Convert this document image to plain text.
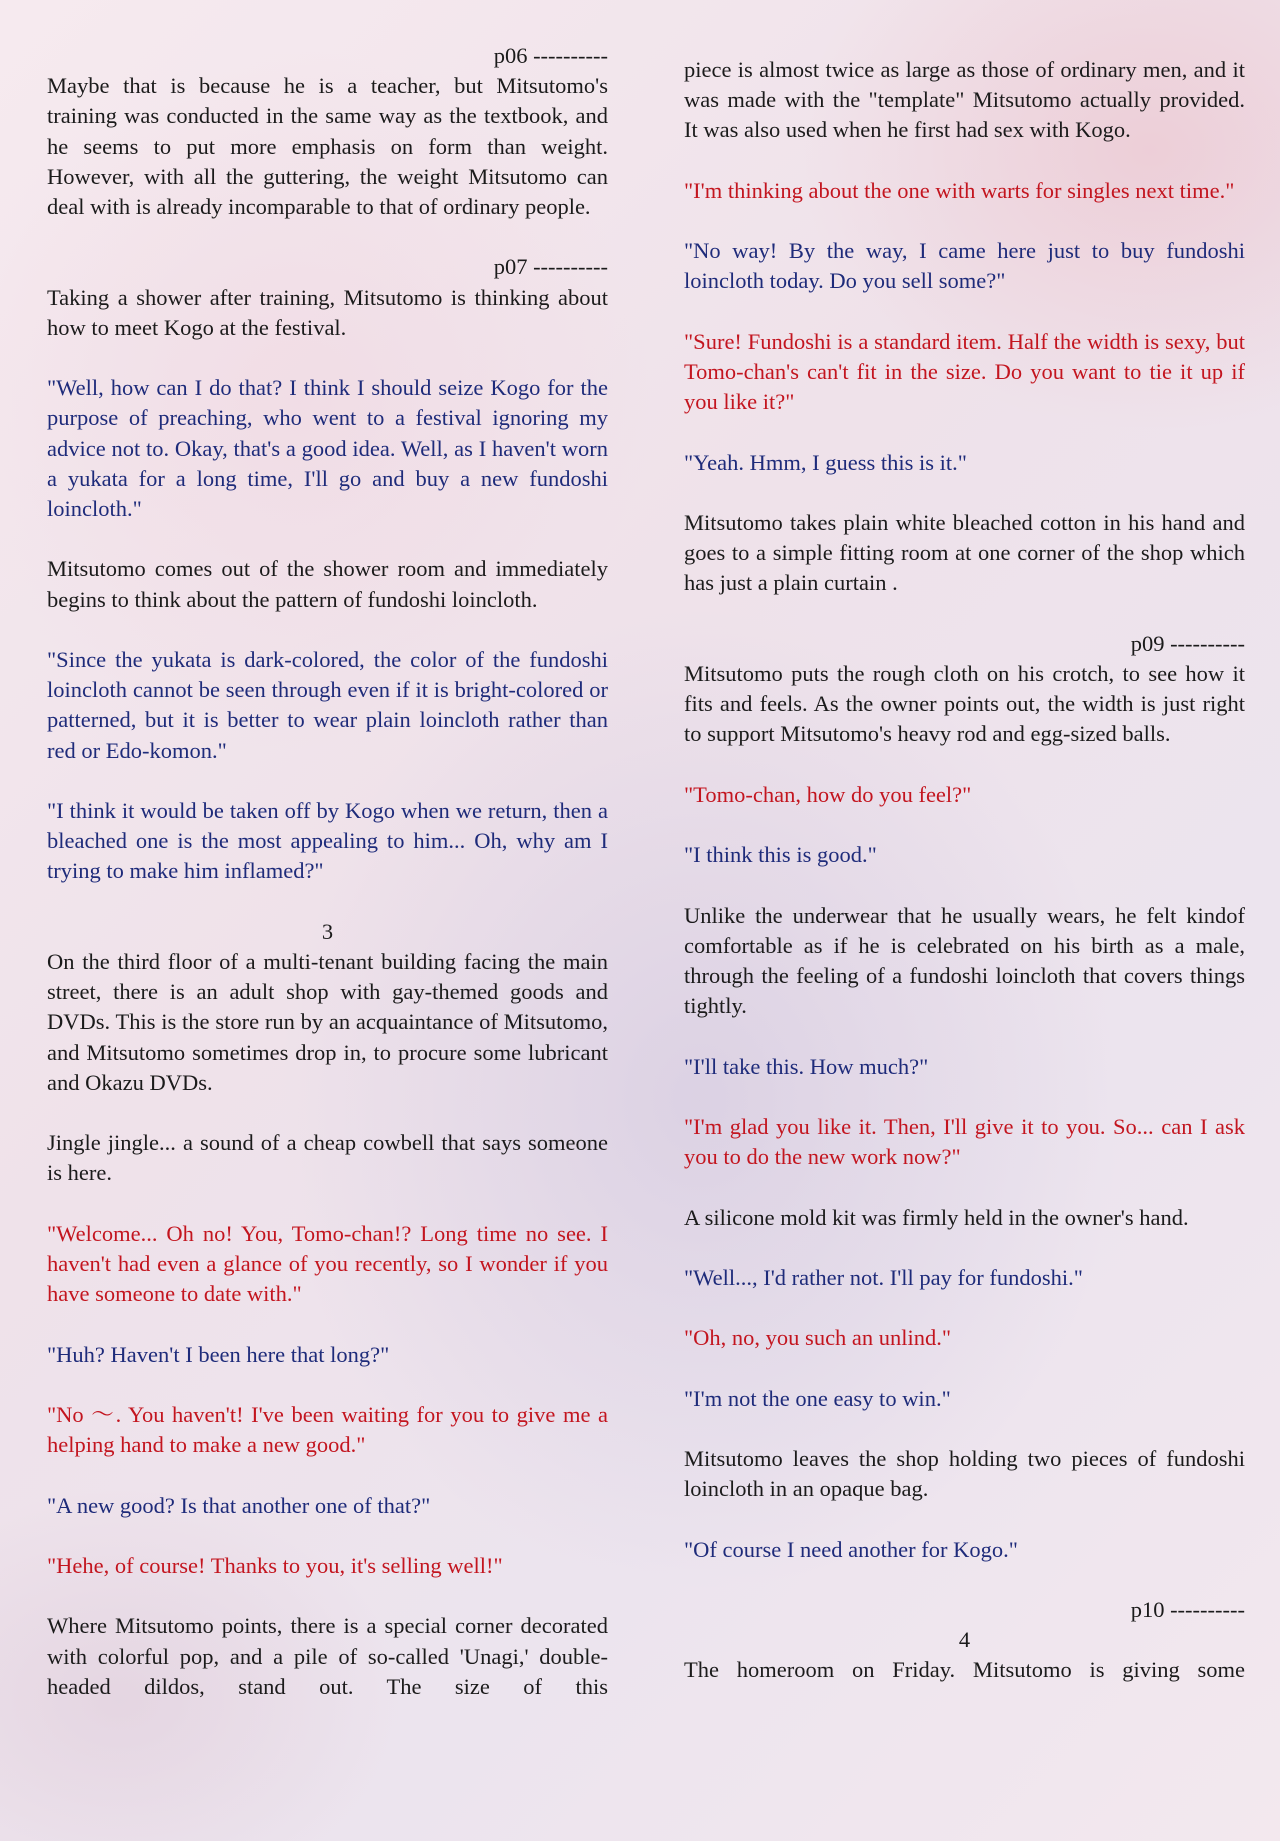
p06 ----------

Maybe that is because he is a teacher, but Mitsutomo's training was conducted in the same way as the textbook, and he seems to put more emphasis on form than weight. However, with all the guttering, the weight Mitsutomo can deal with is already incomparable to that of ordinary people.

p07 ----------

Taking a shower after training, Mitsutomo is thinking about how to meet Kogo at the festival.

"Well, how can I do that? I think I should seize Kogo for the purpose of preaching, who went to a festival ignoring my advice not to. Okay, that's a good idea. Well, as I haven't worn a yukata for a long time, I'll go and buy a new fundoshi loincloth."

Mitsutomo comes out of the shower room and immediately begins to think about the pattern of fundoshi loincloth.

"Since the yukata is dark-colored, the color of the fundoshi loincloth cannot be seen through even if it is bright-colored or patterned, but it is better to wear plain loincloth rather than red or Edo-komon."

"I think it would be taken off by Kogo when we return, then a bleached one is the most appealing to him... Oh, why am I trying to make him inflamed?"

3

On the third floor of a multi-tenant building facing the main street, there is an adult shop with gay-themed goods and DVDs. This is the store run by an acquaintance of Mitsutomo, and Mitsutomo sometimes drop in, to procure some lubricant and Okazu DVDs.

Jingle jingle... a sound of a cheap cowbell that says someone is here.

"Welcome... Oh no! You, Tomo-chan!? Long time no see. I haven't had even a glance of you recently, so I wonder if you have someone to date with."

"Huh? Haven't I been here that long?"

"No ～. You haven't! I've been waiting for you to give me a helping hand to make a new good."

"A new good? Is that another one of that?"

"Hehe, of course! Thanks to you, it's selling well!"

Where Mitsutomo points, there is a special corner decorated with colorful pop, and a pile of so-called 'Unagi,' double-headed dildos, stand out. The size of this

piece is almost twice as large as those of ordinary men, and it was made with the "template" Mitsutomo actually provided. It was also used when he first had sex with Kogo.

"I'm thinking about the one with warts for singles next time."

"No way! By the way, I came here just to buy fundoshi loincloth today. Do you sell some?"

"Sure! Fundoshi is a standard item. Half the width is sexy, but Tomo-chan's can't fit in the size. Do you want to tie it up if you like it?"

"Yeah. Hmm, I guess this is it."

Mitsutomo takes plain white bleached cotton in his hand and goes to a simple fitting room at one corner of the shop which has just a plain curtain .

p09 ----------

Mitsutomo puts the rough cloth on his crotch, to see how it fits and feels. As the owner points out, the width is just right to support Mitsutomo's heavy rod and egg-sized balls.

"Tomo-chan, how do you feel?"

"I think this is good."

Unlike the underwear that he usually wears, he felt kindof comfortable as if he is celebrated on his birth as a male, through the feeling of a fundoshi loincloth that covers things tightly.

"I'll take this. How much?"

"I'm glad you like it. Then, I'll give it to you. So... can I ask you to do the new work now?"

A silicone mold kit was firmly held in the owner's hand.

"Well..., I'd rather not. I'll pay for fundoshi."

"Oh, no, you such an unlind."

"I'm not the one easy to win."

Mitsutomo leaves the shop holding two pieces of fundoshi loincloth in an opaque bag.

"Of course I need another for Kogo."

p10 ----------

4

The homeroom on Friday. Mitsutomo is giving some
